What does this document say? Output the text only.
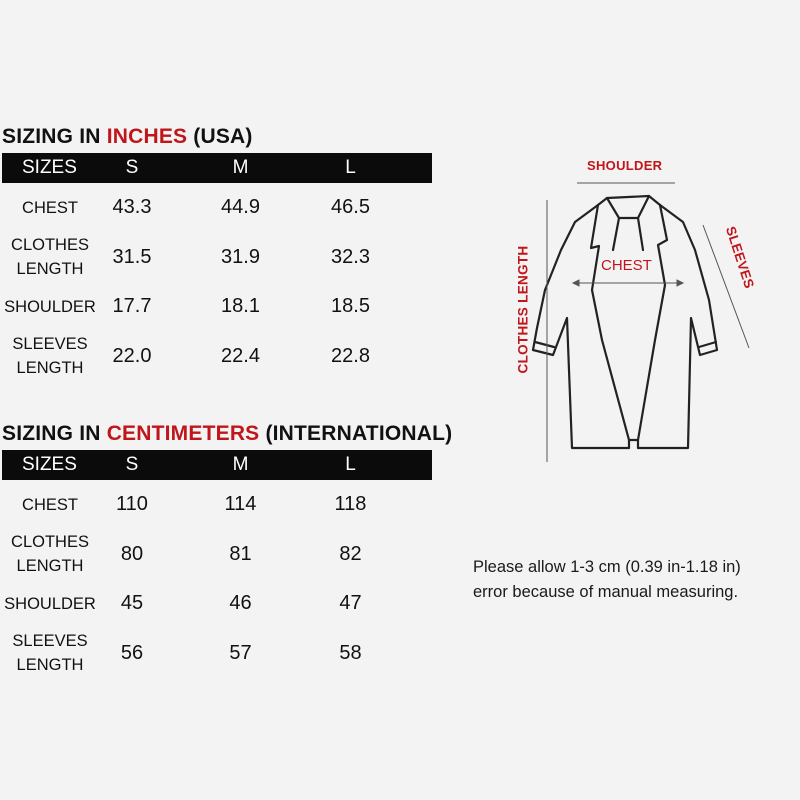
SIZING IN INCHES (USA)
SIZES	S	M	L

CHEST	43.3	44.9	46.5

CLOTHES
LENGTH	31.5	31.9	32.3

SHOULDER	17.7	18.1	18.5

SLEEVES
LENGTH	22.0	22.4	22.8
SIZING IN CENTIMETERS (INTERNATIONAL)
SIZES	S	M	L

CHEST	110	114	118

CLOTHES
LENGTH	80	81	82

SHOULDER	45	46	47

SLEEVES
LENGTH	56	57	58
SHOULDER
CHEST
CLOTHES LENGTH	SLEEVES

Please allow 1-3 cm (0.39 in-1.18 in)
error because of manual measuring.
